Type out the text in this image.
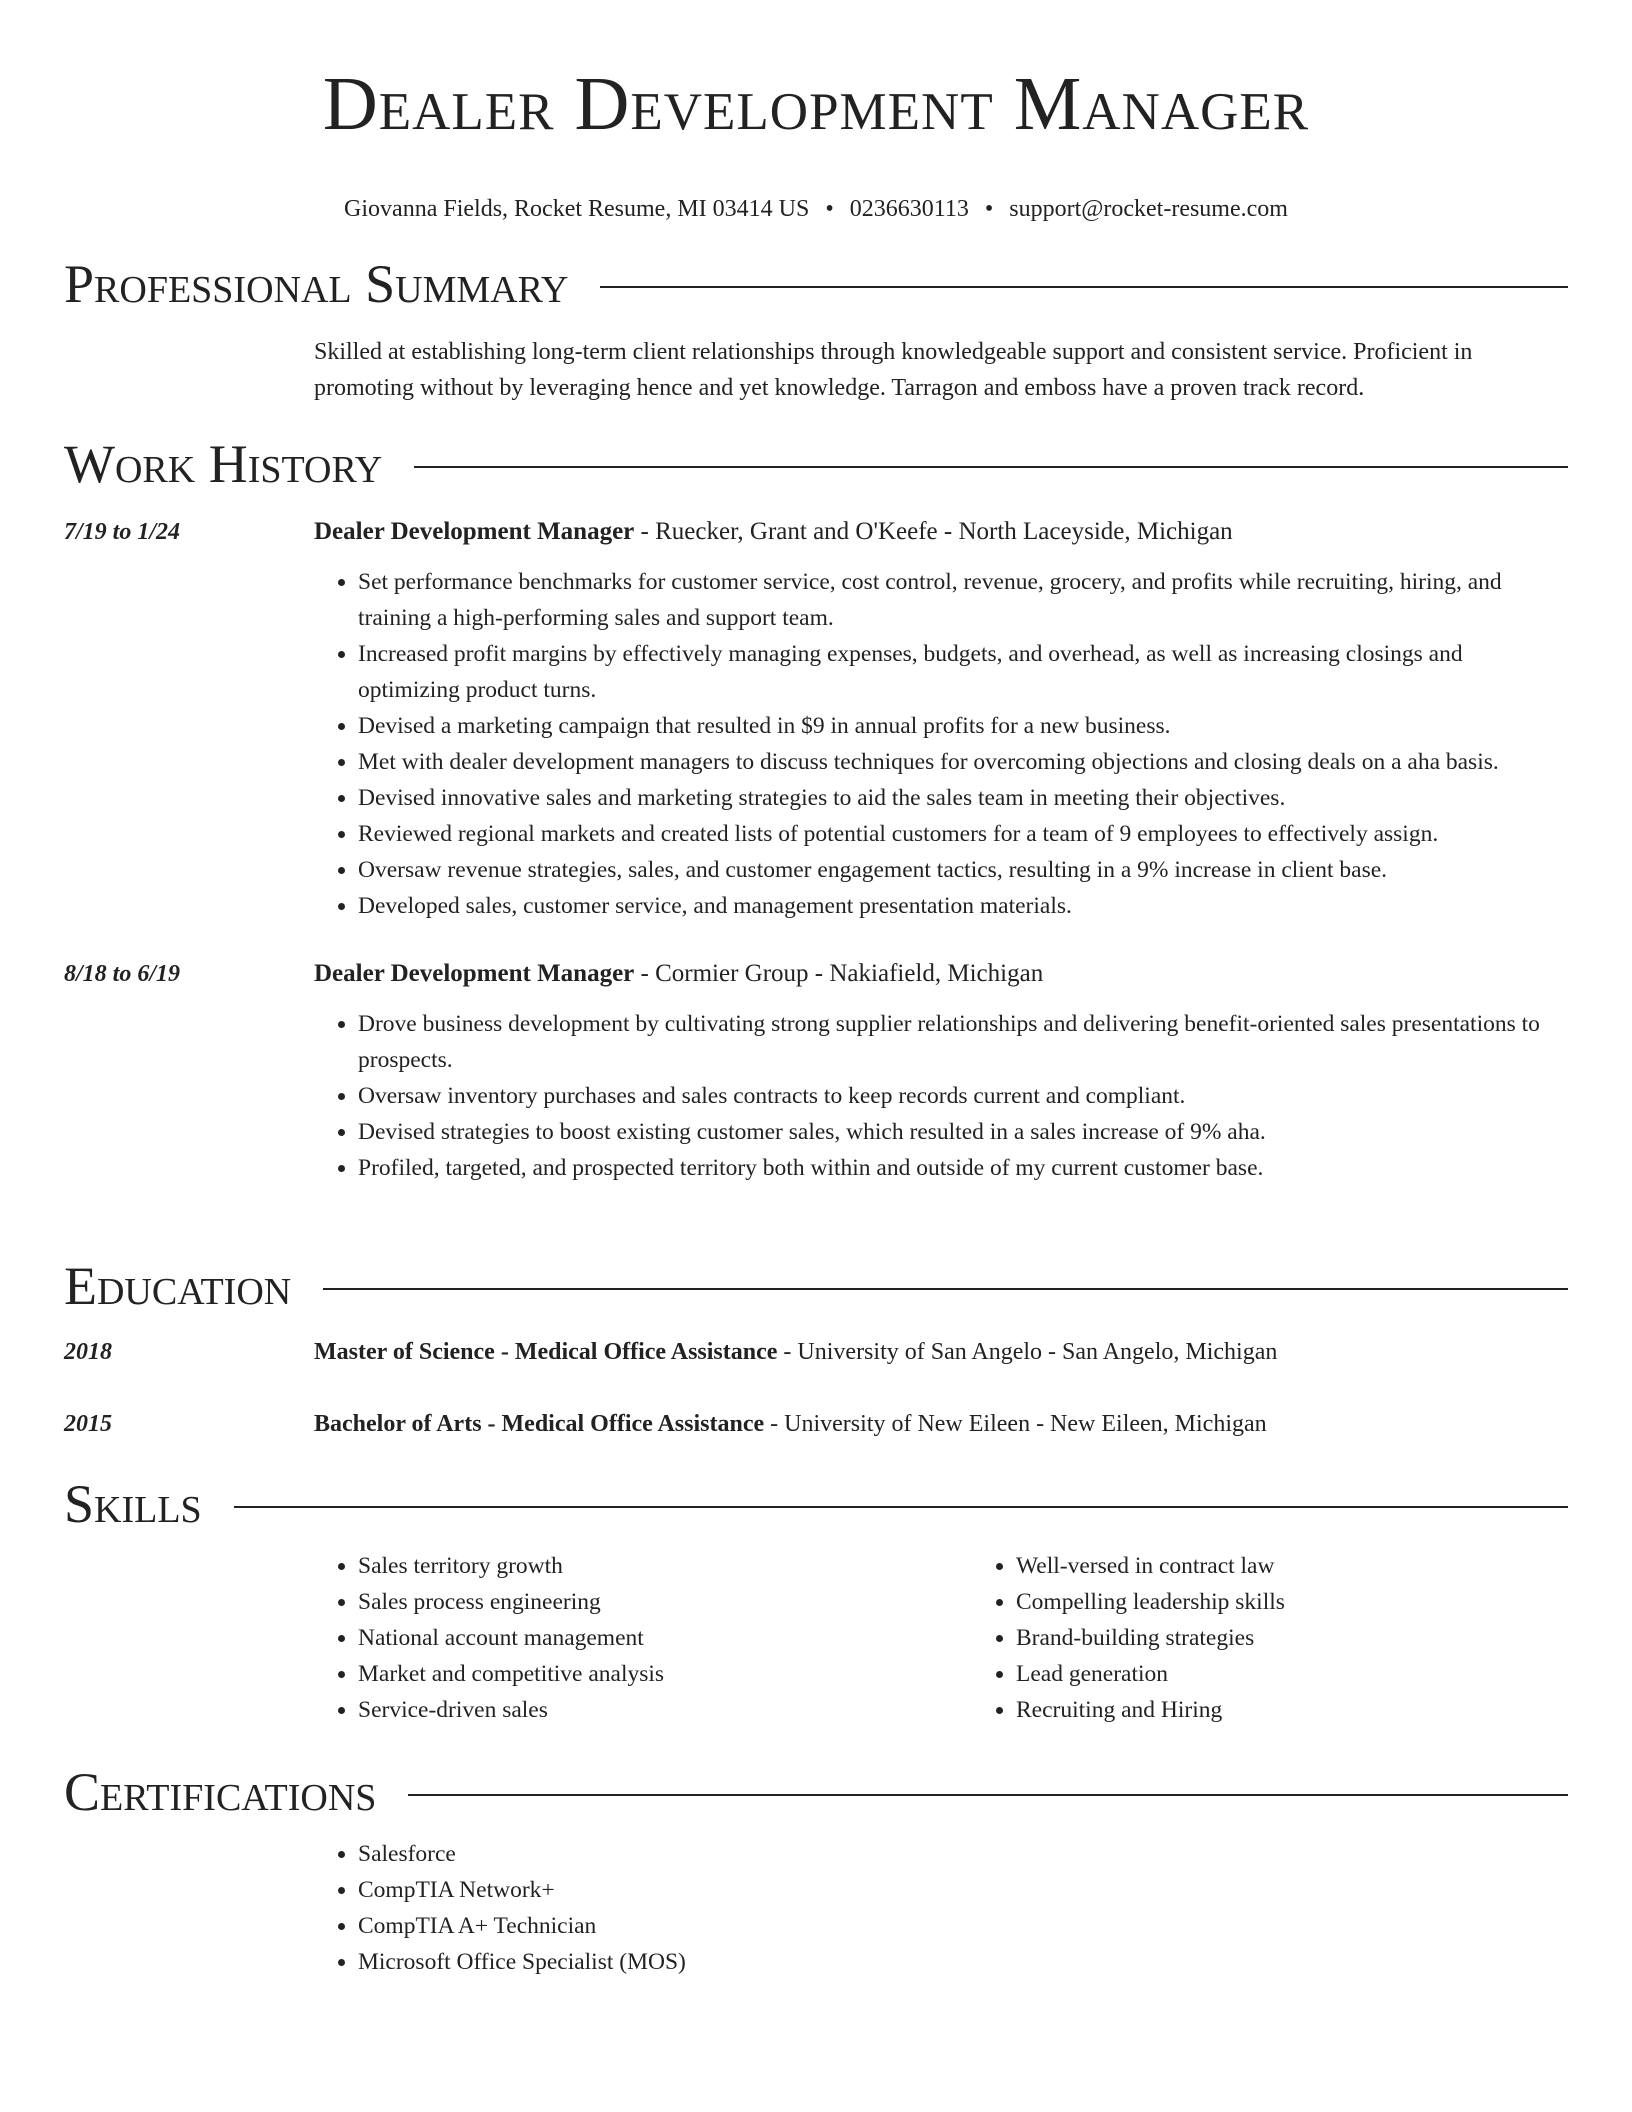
Dealer Development Manager
Giovanna Fields, Rocket Resume, MI 03414 US • 0236630113 • support@rocket-resume.com
Professional Summary
Skilled at establishing long-term client relationships through knowledgeable support and consistent service. Proficient in promoting without by leveraging hence and yet knowledge. Tarragon and emboss have a proven track record.
Work History
7/19 to 1/24	Dealer Development Manager - Ruecker, Grant and O'Keefe - North Laceyside, Michigan
• Set performance benchmarks for customer service, cost control, revenue, grocery, and profits while recruiting, hiring, and training a high-performing sales and support team.
• Increased profit margins by effectively managing expenses, budgets, and overhead, as well as increasing closings and optimizing product turns.
• Devised a marketing campaign that resulted in $9 in annual profits for a new business.
• Met with dealer development managers to discuss techniques for overcoming objections and closing deals on a aha basis.
• Devised innovative sales and marketing strategies to aid the sales team in meeting their objectives.
• Reviewed regional markets and created lists of potential customers for a team of 9 employees to effectively assign.
• Oversaw revenue strategies, sales, and customer engagement tactics, resulting in a 9% increase in client base.
• Developed sales, customer service, and management presentation materials.
8/18 to 6/19	Dealer Development Manager - Cormier Group - Nakiafield, Michigan
• Drove business development by cultivating strong supplier relationships and delivering benefit-oriented sales presentations to prospects.
• Oversaw inventory purchases and sales contracts to keep records current and compliant.
• Devised strategies to boost existing customer sales, which resulted in a sales increase of 9% aha.
• Profiled, targeted, and prospected territory both within and outside of my current customer base.
Education
2018	Master of Science - Medical Office Assistance - University of San Angelo - San Angelo, Michigan
2015	Bachelor of Arts - Medical Office Assistance - University of New Eileen - New Eileen, Michigan
Skills
• Sales territory growth
• Sales process engineering
• National account management
• Market and competitive analysis
• Service-driven sales
• Well-versed in contract law
• Compelling leadership skills
• Brand-building strategies
• Lead generation
• Recruiting and Hiring
Certifications
• Salesforce
• CompTIA Network+
• CompTIA A+ Technician
• Microsoft Office Specialist (MOS)
